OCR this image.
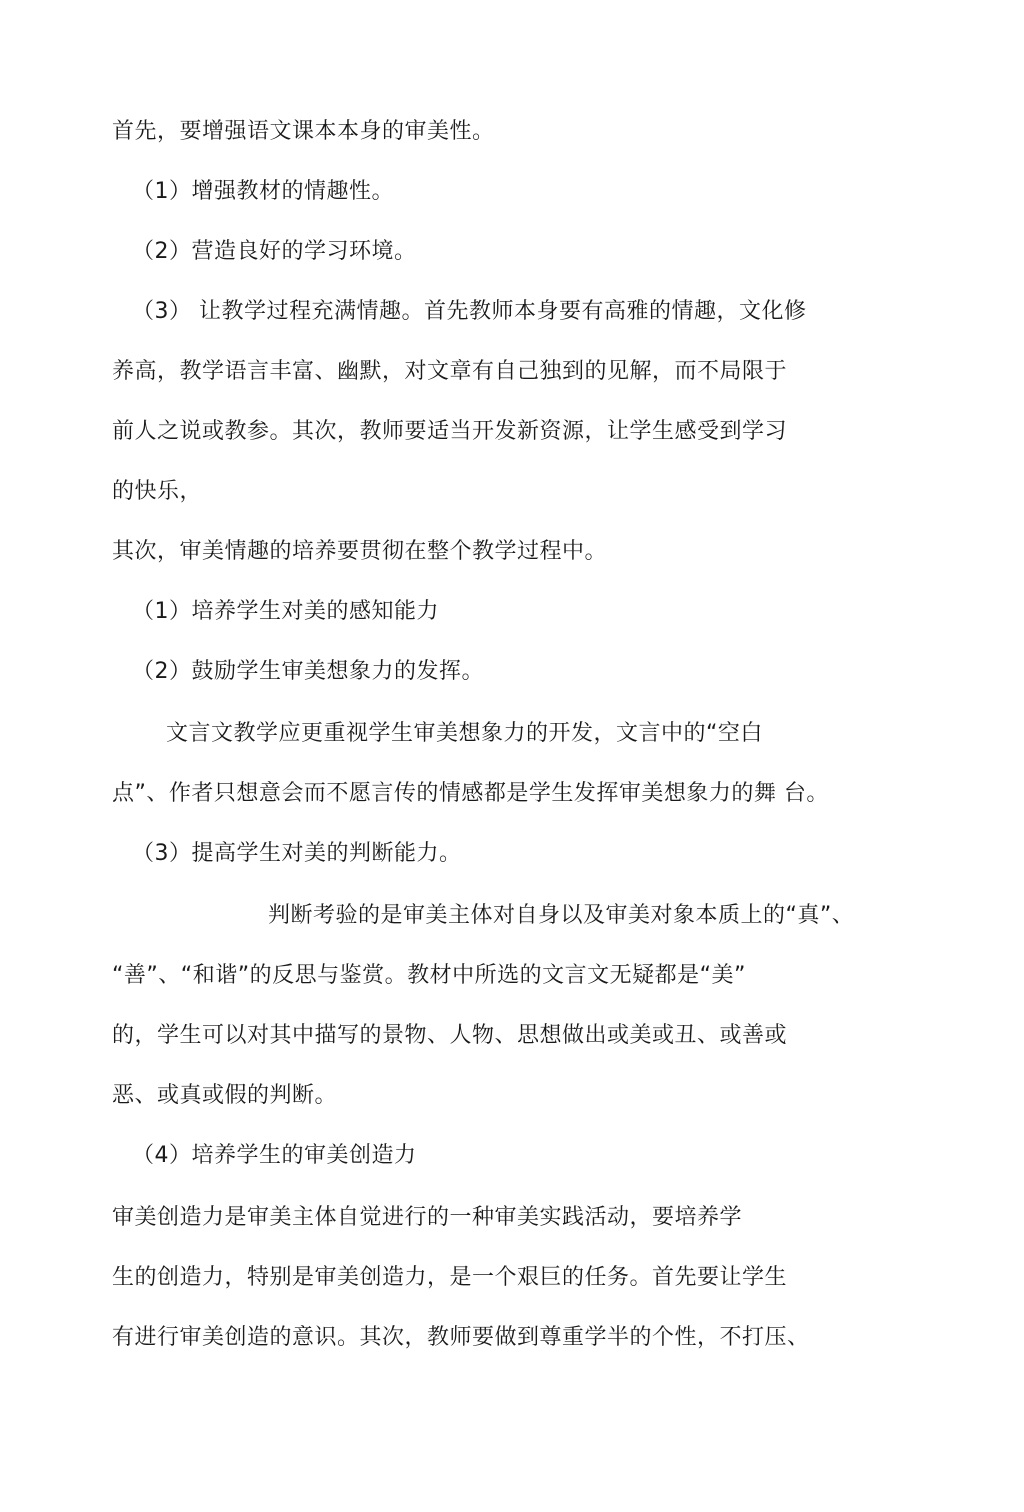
首先，要增强语文课本本身的审美性。
（1）增强教材的情趣性。
（2）营造良好的学习环境。
（3） 让教学过程充满情趣。首先教师本身要有高雅的情趣，文化修
养高，教学语言丰富、幽默，对文章有自己独到的见解，而不局限于
前人之说或教参。其次，教师要适当开发新资源，让学生感受到学习
的快乐，
其次，审美情趣的培养要贯彻在整个教学过程中。
（1）培养学生对美的感知能力
（2）鼓励学生审美想象力的发挥。
文言文教学应更重视学生审美想象力的开发，文言中的“空白
点”、作者只想意会而不愿言传的情感都是学生发挥审美想象力的舞 台。
（3）提高学生对美的判断能力。
判断考验的是审美主体对自身以及审美对象本质上的“真”、
“善”、“和谐”的反思与鉴赏。教材中所选的文言文无疑都是“美”
的，学生可以对其中描写的景物、人物、思想做出或美或丑、或善或
恶、或真或假的判断。
（4）培养学生的审美创造力
审美创造力是审美主体自觉进行的一种审美实践活动，要培养学
生的创造力，特别是审美创造力，是一个艰巨的任务。首先要让学生
有进行审美创造的意识。其次，教师要做到尊重学半的个性，不打压、
